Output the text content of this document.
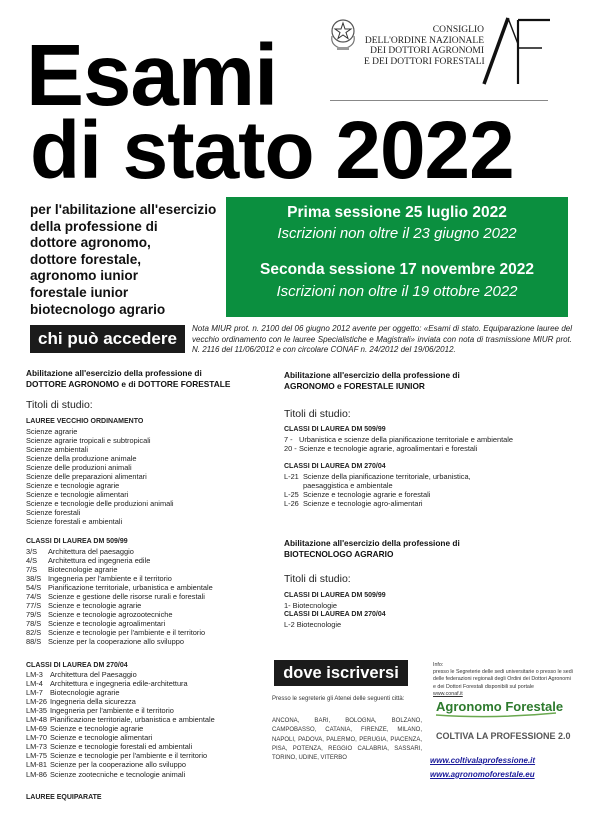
Esami
di stato 2022
CONSIGLIO
DELL'ORDINE NAZIONALE
DEI DOTTORI AGRONOMI
E DEI DOTTORI FORESTALI
per l'abilitazione all'esercizio
della professione di
dottore agronomo,
dottore forestale,
agronomo iunior
forestale iunior
biotecnologo agrario
Prima sessione 25 luglio 2022
Iscrizioni non oltre il 23 giugno 2022
Seconda sessione 17 novembre 2022
Iscrizioni non oltre il 19 ottobre 2022
chi può accedere
Nota MIUR prot. n. 2100 del 06 giugno 2012 avente per oggetto: «Esami di stato. Equiparazione lauree del vecchio ordinamento con le lauree Specialistiche e Magistrali» inviata con nota di trasmissione MIUR prot. N. 2116 del 11/06/2012 e con circolare CONAF n. 24/2012 del 19/06/2012.
Abilitazione all'esercizio della professione di
DOTTORE AGRONOMO e di DOTTORE FORESTALE
Titoli di studio:
LAUREE VECCHIO ORDINAMENTO
Scienze agrarie
Scienze agrarie tropicali e subtropicali
Scienze ambientali
Scienze della produzione animale
Scienze delle produzioni animali
Scienze delle preparazioni alimentari
Scienze e tecnologie agrarie
Scienze e tecnologie alimentari
Scienze e tecnologie delle produzioni animali
Scienze forestali
Scienze forestali e ambientali
CLASSI DI LAUREA DM 509/99
3/S Architettura del paesaggio
4/S Architettura ed ingegneria edile
7/S Biotecnologie agrarie
38/S Ingegneria per l'ambiente e il territorio
54/S Pianificazione territoriale, urbanistica e ambientale
74/S Scienze e gestione delle risorse rurali e forestali
77/S Scienze e tecnologie agrarie
79/S Scienze e tecnologie agrozootecniche
78/S Scienze e tecnologie agroalimentari
82/S Scienze e tecnologie per l'ambiente e il territorio
88/S Scienze per la cooperazione allo sviluppo
CLASSI DI LAUREA DM 270/04
LM-3 Architettura del Paesaggio
LM-4 Architettura e ingegneria edile-architettura
LM-7 Biotecnologie agrarie
LM-26 Ingegneria della sicurezza
LM-35 Ingegneria per l'ambiente e il territorio
LM-48 Pianificazione territoriale, urbanistica e ambientale
LM-69 Scienze e tecnologie agrarie
LM-70 Scienze e tecnologie alimentari
LM-73 Scienze e tecnologie forestali ed ambientali
LM-75 Scienze e tecnologie per l'ambiente e il territorio
LM-81 Scienze per la cooperazione allo sviluppo
LM-86 Scienze zootecniche e tecnologie animali
LAUREE EQUIPARATE
Abilitazione all'esercizio della professione di
AGRONOMO e FORESTALE IUNIOR
Titoli di studio:
CLASSI DI LAUREA DM 509/99
7 - Urbanistica e scienze della pianificazione territoriale e ambientale
20 - Scienze e tecnologie agrarie, agroalimentari e forestali
CLASSI DI LAUREA DM 270/04
L-21 Scienze della pianificazione territoriale, urbanistica,
paesaggistica e ambientale
L-25 Scienze e tecnologie agrarie e forestali
L-26 Scienze e tecnologie agro-alimentari
Abilitazione all'esercizio della professione di
BIOTECNOLOGO AGRARIO
Titoli di studio:
CLASSI DI LAUREA DM 509/99
1- Biotecnologie
CLASSI DI LAUREA DM 270/04
L-2 Biotecnologie
dove iscriversi
Presso le segreterie gli Atenei delle seguenti città:
ANCONA, BARI, BOLOGNA, BOLZANO, CAMPOBASSO, CATANIA, FIRENZE, MILANO, NAPOLI, PADOVA, PALERMO, PERUGIA, PIACENZA, PISA, POTENZA, REGGIO CALABRIA, SASSARI, TORINO, UDINE, VITERBO
Info:
presso le Segreterie delle sedi universitarie o presso le sedi delle federazioni regionali degli Ordini dei Dottori Agronomi e dei Dottori Forestali disponibili sul portale
www.conaf.it
Agronomo Forestale
COLTIVA LA PROFESSIONE 2.0
www.coltivalaprofessione.it
www.agronomoforestale.eu
